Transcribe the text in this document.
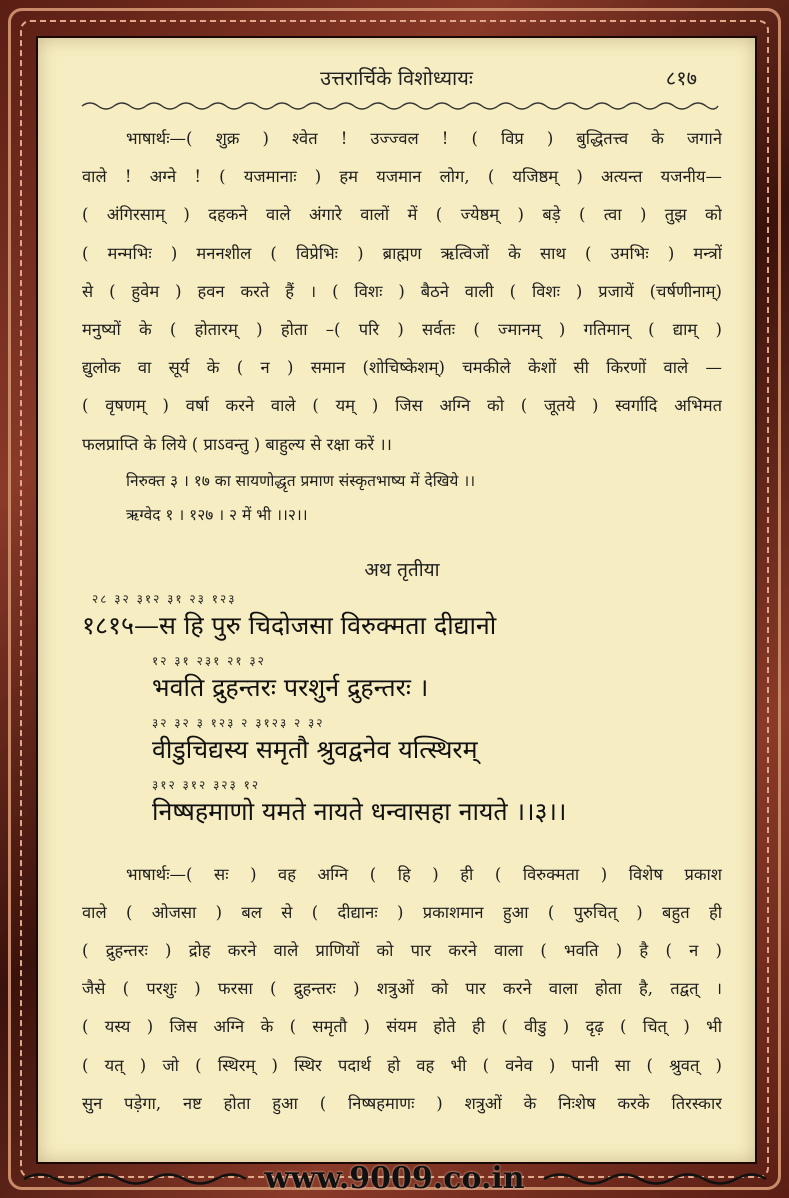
उत्तरार्चिके विशोध्यायः	८१७
भाषार्थः—( शुक्र ) श्वेत ! उज्ज्वल ! ( विप्र ) बुद्धितत्त्व के जगाने
वाले ! अग्ने ! ( यजमानाः ) हम यजमान लोग, ( यजिष्ठम् ) अत्यन्त यजनीय—
( अंगिरसाम् ) दहकने वाले अंगारे वालों में ( ज्येष्ठम् ) बड़े ( त्वा ) तुझ को
( मन्मभिः ) मननशील ( विप्रेभिः ) ब्राह्मण ऋत्विजों के साथ ( उमभिः ) मन्त्रों
से ( हुवेम ) हवन करते हैं । ( विशः ) बैठने वाली ( विशः ) प्रजायें (चर्षणीनाम्)
मनुष्यों के ( होतारम् ) होता –( परि ) सर्वतः ( ज्मानम् ) गतिमान् ( द्याम् )
द्युलोक वा सूर्य के ( न ) समान (शोचिष्केशम्) चमकीले केशों सी किरणों वाले —
( वृषणम् ) वर्षा करने वाले ( यम् ) जिस अग्नि को ( जूतये ) स्वर्गादि अभिमत
फलप्राप्ति के लिये ( प्राऽवन्तु ) बाहुल्य से रक्षा करें ।।
निरुक्त ३ । १७ का सायणोद्धृत प्रमाण संस्कृतभाष्य में देखिये ।।
ऋग्वेद १ । १२७ । २ में भी ।।२।।
अथ तृतीया
२८ ३२ ३१२ ३१ २३ १२३
१८१५—स हि पुरु चिदोजसा विरुक्मता दीद्यानो
१२ ३१ २३१ २१ ३२
भवति द्रुहन्तरः परशुर्न द्रुहन्तरः ।
३२ ३२ ३ १२३ २ ३१२३ २ ३२
वीडुचिद्यस्य समृतौ श्रुवद्वनेव यत्स्थिरम्
३१२ ३१२ ३२३ १२
निष्षहमाणो यमते नायते धन्वासहा नायते ।।३।।
भाषार्थः—( सः ) वह अग्नि ( हि ) ही ( विरुक्मता ) विशेष प्रकाश
वाले ( ओजसा ) बल से ( दीद्यानः ) प्रकाशमान हुआ ( पुरुचित् ) बहुत ही
( द्रुहन्तरः ) द्रोह करने वाले प्राणियों को पार करने वाला ( भवति ) है ( न )
जैसे ( परशुः ) फरसा ( द्रुहन्तरः ) शत्रुओं को पार करने वाला होता है, तद्वत् ।
( यस्य ) जिस अग्नि के ( समृतौ ) संयम होते ही ( वीडु ) दृढ़ ( चित् ) भी
( यत् ) जो ( स्थिरम् ) स्थिर पदार्थ हो वह भी ( वनेव ) पानी सा ( श्रुवत् )
सुन पड़ेगा, नष्ट होता हुआ ( निष्षहमाणः ) शत्रुओं के निःशेष करके तिरस्कार
www.9009.co.in
